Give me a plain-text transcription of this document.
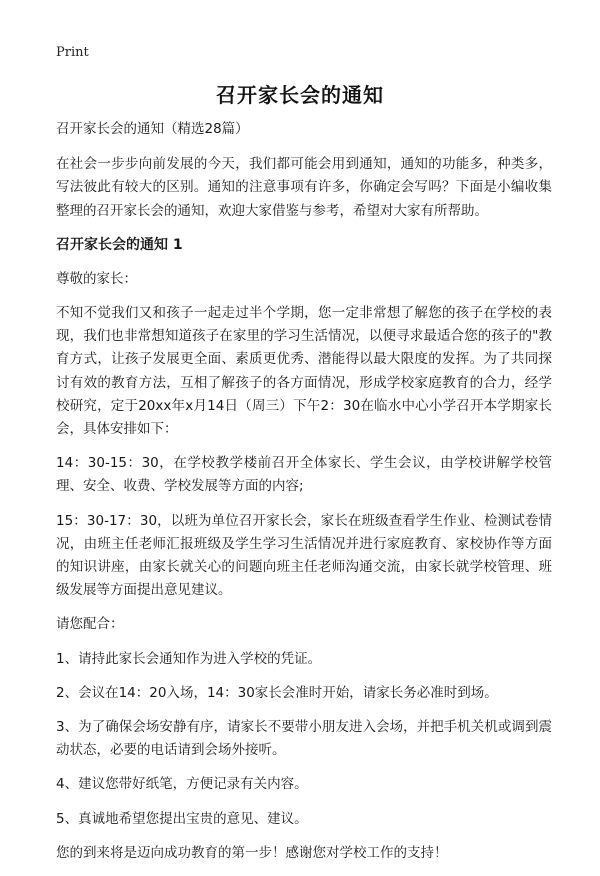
Print
召开家长会的通知

召开家长会的通知（精选28篇）

在社会一步步向前发展的今天，我们都可能会用到通知，通知的功能多，种类多，写法彼此有较大的区别。通知的注意事项有许多，你确定会写吗？下面是小编收集整理的召开家长会的通知，欢迎大家借鉴与参考，希望对大家有所帮助。

召开家长会的通知 1

尊敬的家长：

不知不觉我们又和孩子一起走过半个学期，您一定非常想了解您的孩子在学校的表现，我们也非常想知道孩子在家里的学习生活情况，以便寻求最适合您的孩子的"教育方式，让孩子发展更全面、素质更优秀、潜能得以最大限度的发挥。为了共同探讨有效的教育方法，互相了解孩子的各方面情况，形成学校家庭教育的合力，经学校研究，定于20xx年x月14日（周三）下午2：30在临水中心小学召开本学期家长会，具体安排如下：

14：30-15：30，在学校教学楼前召开全体家长、学生会议，由学校讲解学校管理、安全、收费、学校发展等方面的内容;

15：30-17：30，以班为单位召开家长会，家长在班级查看学生作业、检测试卷情况，由班主任老师汇报班级及学生学习生活情况并进行家庭教育、家校协作等方面的知识讲座，由家长就关心的问题向班主任老师沟通交流，由家长就学校管理、班级发展等方面提出意见建议。

请您配合：

1、请持此家长会通知作为进入学校的凭证。

2、会议在14：20入场，14：30家长会准时开始，请家长务必准时到场。

3、为了确保会场安静有序，请家长不要带小朋友进入会场，并把手机关机或调到震动状态，必要的电话请到会场外接听。

4、建议您带好纸笔，方便记录有关内容。

5、真诚地希望您提出宝贵的意见、建议。

您的到来将是迈向成功教育的第一步！感谢您对学校工作的支持！
